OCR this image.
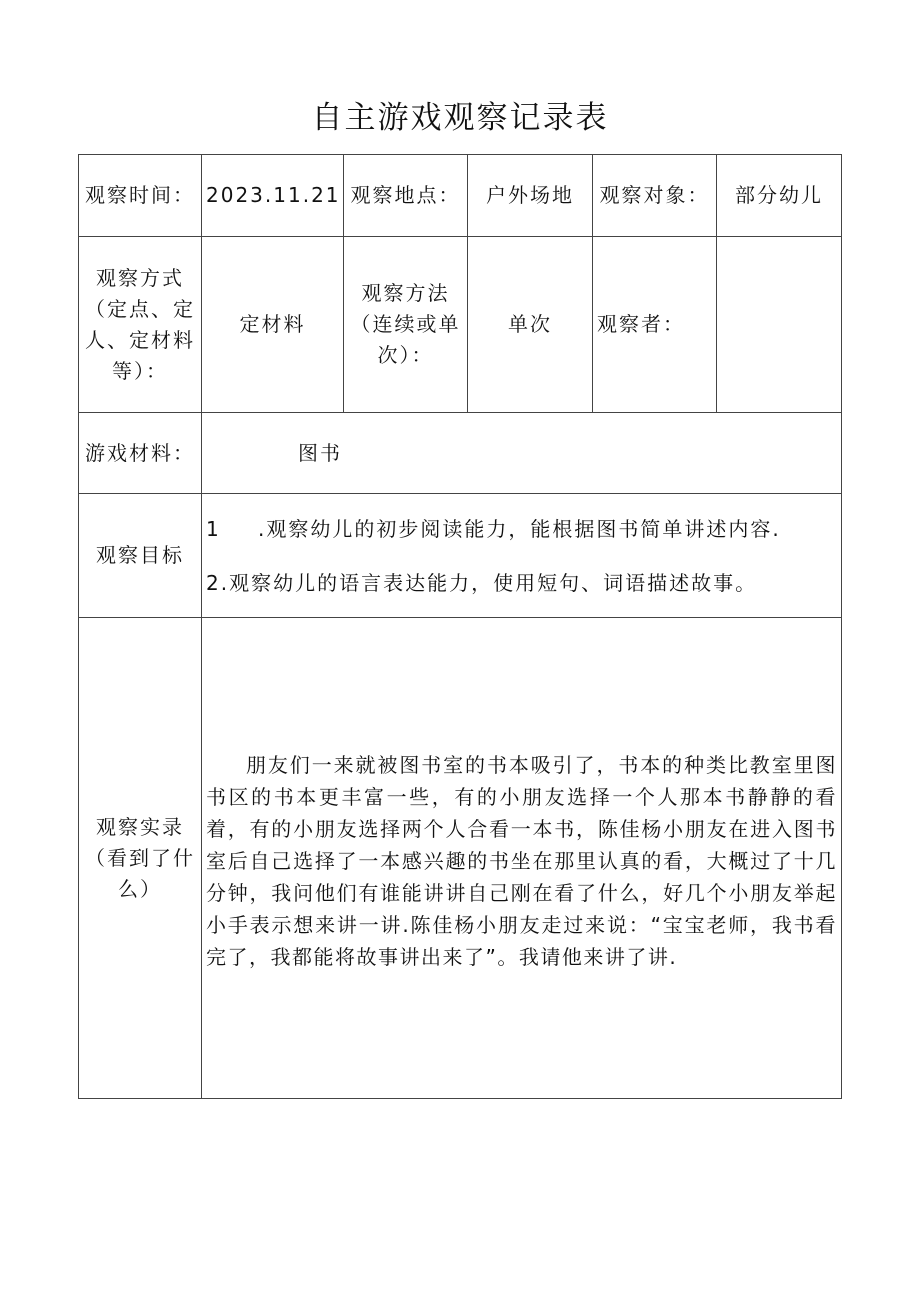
自主游戏观察记录表
观察时间：	2023.11.21	观察地点：	户外场地	观察对象：	部分幼儿
观察方式（定点、定人、定材料等）：	定材料	观察方法（连续或单次）：	单次	观察者：	
游戏材料：	图书				

观察目标	1 .观察幼儿的初步阅读能力，能根据图书简单讲述内容.
2.观察幼儿的语言表达能力，使用短句、词语描述故事。				

观察实录（看到了什么）	朋友们一来就被图书室的书本吸引了，书本的种类比教室里图书区的书本更丰富一些，有的小朋友选择一个人那本书静静的看着，有的小朋友选择两个人合看一本书，陈佳杨小朋友在进入图书室后自己选择了一本感兴趣的书坐在那里认真的看，大概过了十几分钟，我问他们有谁能讲讲自己刚在看了什么，好几个小朋友举起小手表示想来讲一讲.陈佳杨小朋友走过来说：“宝宝老师，我书看完了，我都能将故事讲出来了”。我请他来讲了讲.				
